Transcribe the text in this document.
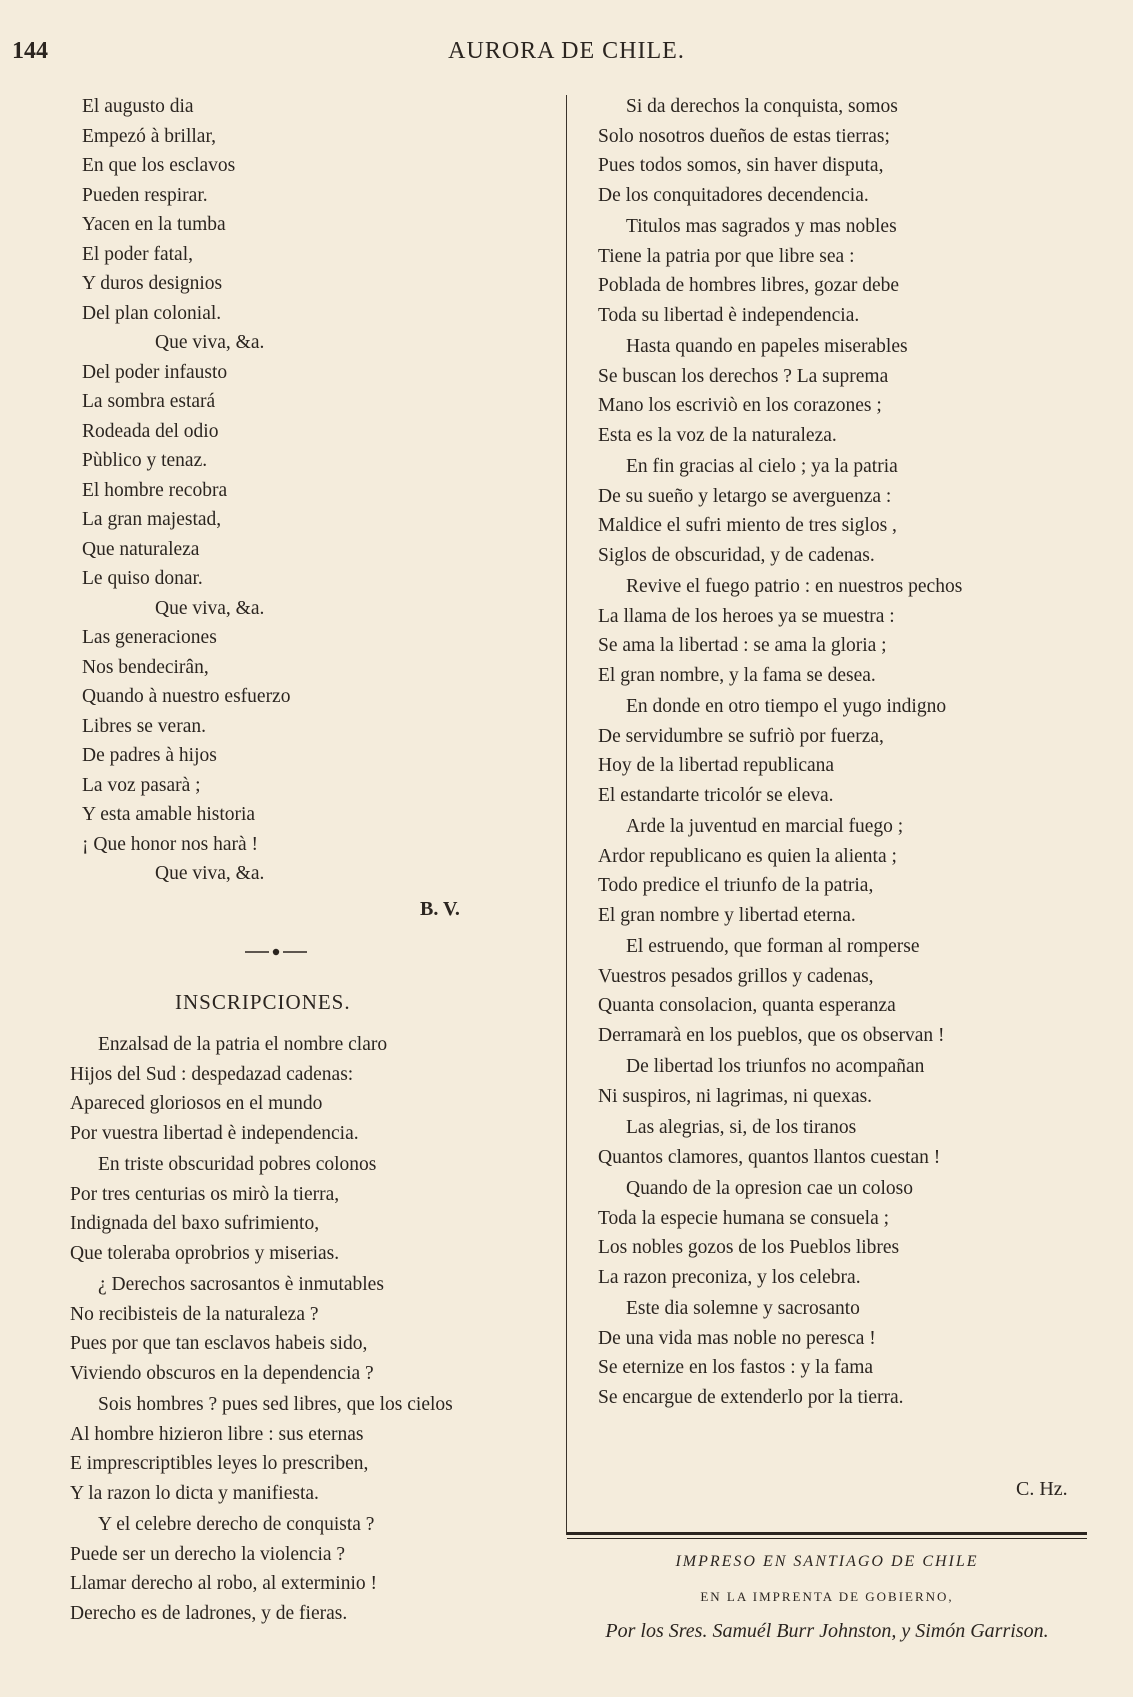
144	AURORA DE CHILE.
El augusto dia
Empezó à brillar,
En que los esclavos
Pueden respirar.
Yacen en la tumba
El poder fatal,
Y duros designios
Del plan colonial.
Que viva, &a.
Del poder infausto
La sombra estará
Rodeada del odio
Pùblico y tenaz.
El hombre recobra
La gran majestad,
Que naturaleza
Le quiso donar.
Que viva, &a.
Las generaciones
Nos bendecirân,
Quando à nuestro esfuerzo
Libres se veran.
De padres à hijos
La voz pasarà ;
Y esta amable historia
¡ Que honor nos harà !
Que viva, &a.
B. V.
INSCRIPCIONES.
Enzalsad de la patria el nombre claro
Hijos del Sud : despedazad cadenas:
Apareced gloriosos en el mundo
Por vuestra libertad è independencia.
En triste obscuridad pobres colonos
Por tres centurias os mirò la tierra,
Indignada del baxo sufrimiento,
Que toleraba oprobrios y miserias.
¿ Derechos sacrosantos è inmutables
No recibisteis de la naturaleza ?
Pues por que tan esclavos habeis sido,
Viviendo obscuros en la dependencia ?
Sois hombres ? pues sed libres, que los cielos
Al hombre hizieron libre : sus eternas
E imprescriptibles leyes lo prescriben,
Y la razon lo dicta y manifiesta.
Y el celebre derecho de conquista ?
Puede ser un derecho la violencia ?
Llamar derecho al robo, al exterminio !
Derecho es de ladrones, y de fieras.
Si da derechos la conquista, somos
Solo nosotros dueños de estas tierras;
Pues todos somos, sin haver disputa,
De los conquitadores decendencia.
Titulos mas sagrados y mas nobles
Tiene la patria por que libre sea :
Poblada de hombres libres, gozar debe
Toda su libertad è independencia.
Hasta quando en papeles miserables
Se buscan los derechos ? La suprema
Mano los escriviò en los corazones ;
Esta es la voz de la naturaleza.
En fin gracias al cielo ; ya la patria
De su sueño y letargo se averguenza :
Maldice el sufri miento de tres siglos ,
Siglos de obscuridad, y de cadenas.
Revive el fuego patrio : en nuestros pechos
La llama de los heroes ya se muestra :
Se ama la libertad : se ama la gloria ;
El gran nombre, y la fama se desea.
En donde en otro tiempo el yugo indigno
De servidumbre se sufriò por fuerza,
Hoy de la libertad republicana
El estandarte tricolór se eleva.
Arde la juventud en marcial fuego ;
Ardor republicano es quien la alienta ;
Todo predice el triunfo de la patria,
El gran nombre y libertad eterna.
El estruendo, que forman al romperse
Vuestros pesados grillos y cadenas,
Quanta consolacion, quanta esperanza
Derramarà en los pueblos, que os observan !
De libertad los triunfos no acompañan
Ni suspiros, ni lagrimas, ni quexas.
Las alegrias, si, de los tiranos
Quantos clamores, quantos llantos cuestan !
Quando de la opresion cae un coloso
Toda la especie humana se consuela ;
Los nobles gozos de los Pueblos libres
La razon preconiza, y los celebra.
Este dia solemne y sacrosanto
De una vida mas noble no peresca !
Se eternize en los fastos : y la fama
Se encargue de extenderlo por la tierra.
C. Hz.
IMPRESO EN SANTIAGO DE CHILE
EN LA IMPRENTA DE GOBIERNO,
Por los Sres. Samuél Burr Johnston, y Simón Garrison.
